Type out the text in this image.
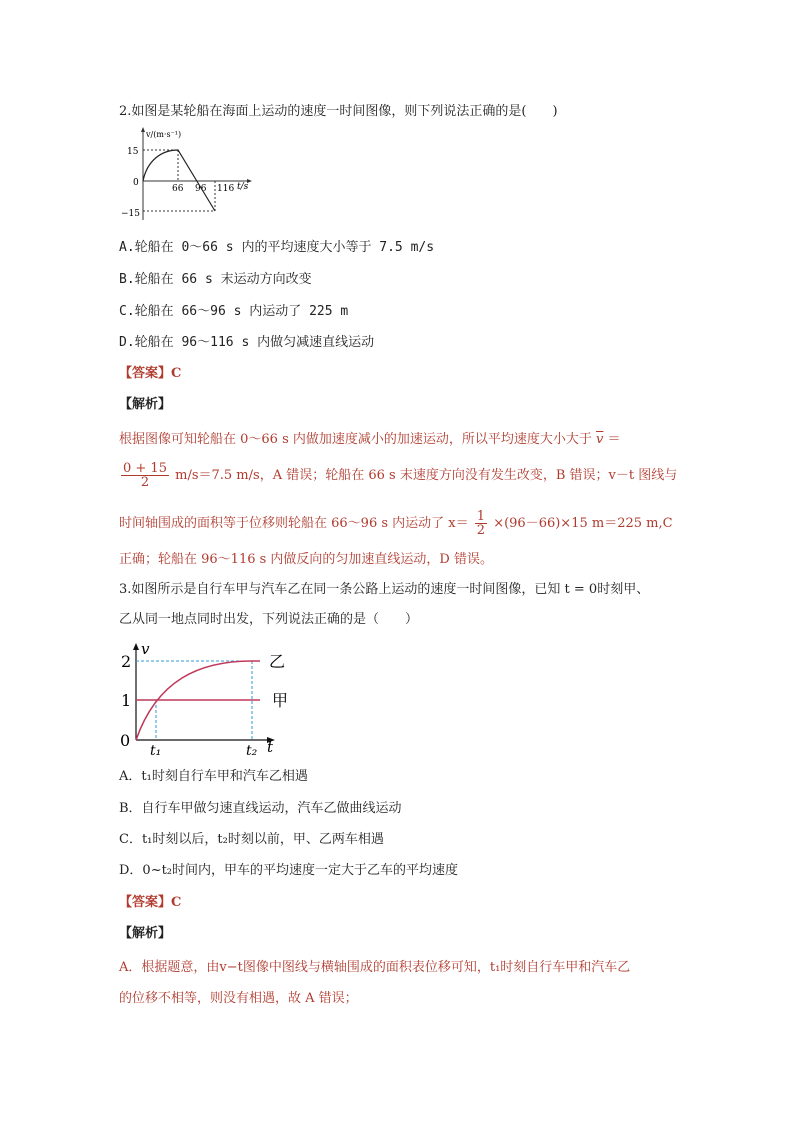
2.如图是某轮船在海面上运动的速度一时间图像，则下列说法正确的是(　　)
v/(m·s⁻¹)
t/s
15
0
−15
66 96 116
A.轮船在 0～66 s 内的平均速度大小等于 7.5 m/s
B.轮船在 66 s 末运动方向改变
C.轮船在 66～96 s 内运动了 225 m
D.轮船在 96～116 s 内做匀减速直线运动
【答案】C
【解析】
根据图像可知轮船在 0～66 s 内做加速度减小的加速运动，所以平均速度大小大于 $\overline{v}$ ＝
$\frac{0 + 15}{2} m/s=7.5$ m/s，A 错误；轮船在 66 s 末速度方向没有发生改变，B 错误；v－t 图线与
时间轴围成的面积等于位移则轮船在 66～96 s 内运动了 $x= \frac{1}{2} \times(96-66)\times 15$ m＝225 m,C
正确；轮船在 96～116 s 内做反向的匀加速直线运动，D 错误。
3.如图所示是自行车甲与汽车乙在同一条公路上运动的速度一时间图像，已知 t = 0时刻甲、
乙从同一地点同时出发，下列说法正确的是（　　）
v
t
2
1
0
t₁	t₂
乙
甲
A．t₁时刻自行车甲和汽车乙相遇
B．自行车甲做匀速直线运动，汽车乙做曲线运动
C．t₁时刻以后，t₂时刻以前，甲、乙两车相遇
D．0~t₂时间内，甲车的平均速度一定大于乙车的平均速度
【答案】C
【解析】
A．根据题意，由v−t图像中图线与横轴围成的面积表位移可知，t₁时刻自行车甲和汽车乙
的位移不相等，则没有相遇，故 A 错误；
